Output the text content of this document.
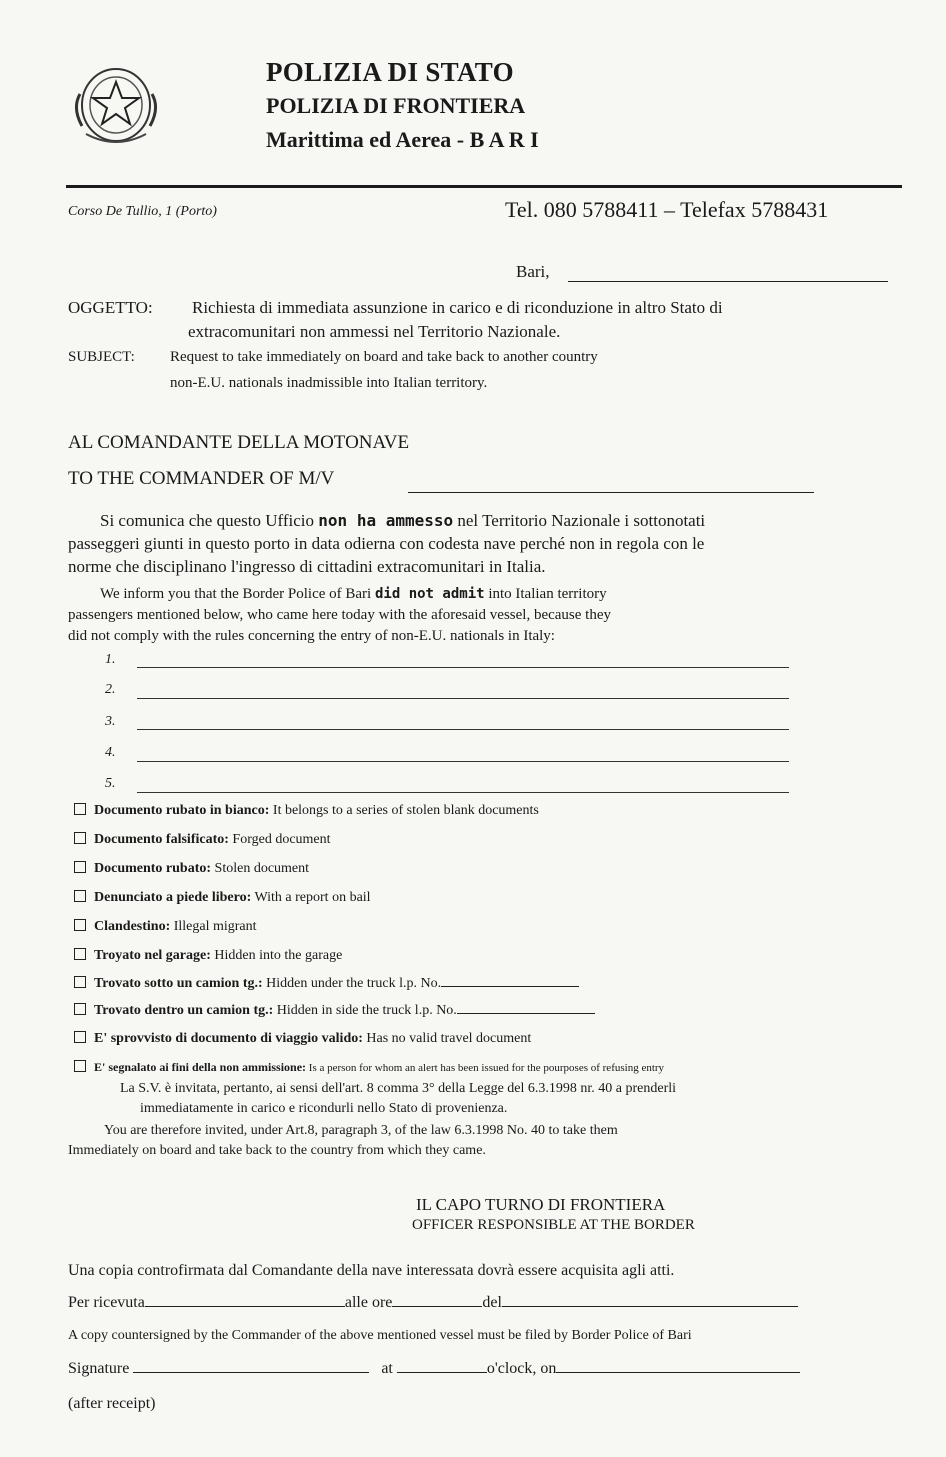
POLIZIA DI STATO
POLIZIA DI FRONTIERA
Marittima ed Aerea - B A R I
Corso De Tullio, 1 (Porto)	Tel. 080 5788411 – Telefax 5788431
Bari,
OGGETTO: Richiesta di immediata assunzione in carico e di riconduzione in altro Stato di
extracomunitari non ammessi nel Territorio Nazionale.
SUBJECT: Request to take immediately on board and take back to another country
non-E.U. nationals inadmissible into Italian territory.
AL COMANDANTE DELLA MOTONAVE
TO THE COMMANDER OF M/V
Si comunica che questo Ufficio non ha ammesso nel Territorio Nazionale i sottonotati
passeggeri giunti in questo porto in data odierna con codesta nave perché non in regola con le
norme che disciplinano l'ingresso di cittadini extracomunitari in Italia.
We inform you that the Border Police of Bari did not admit into Italian territory
passengers mentioned below, who came here today with the aforesaid vessel, because they
did not comply with the rules concerning the entry of non-E.U. nationals in Italy:
1.
2.
3.
4.
5.
Documento rubato in bianco: It belongs to a series of stolen blank documents
Documento falsificato: Forged document
Documento rubato: Stolen document
Denunciato a piede libero: With a report on bail
Clandestino: Illegal migrant
Troyato nel garage: Hidden into the garage
Trovato sotto un camion tg.: Hidden under the truck l.p. No.
Trovato dentro un camion tg.: Hidden in side the truck l.p. No.
E' sprovvisto di documento di viaggio valido: Has no valid travel document
E' segnalato ai fini della non ammissione: Is a person for whom an alert has been issued for the pourposes of refusing entry
La S.V. è invitata, pertanto, ai sensi dell'art. 8 comma 3° della Legge del 6.3.1998 nr. 40 a prenderli
immediatamente in carico e ricondurli nello Stato di provenienza.
You are therefore invited, under Art.8, paragraph 3, of the law 6.3.1998 No. 40 to take them
Immediately on board and take back to the country from which they came.
IL CAPO TURNO DI FRONTIERA
OFFICER RESPONSIBLE AT THE BORDER
Una copia controfirmata dal Comandante della nave interessata dovrà essere acquisita agli atti.
Per ricevuta	alle ore	del
A copy countersigned by the Commander of the above mentioned vessel must be filed by Border Police of Bari
Signature	at	o'clock, on
(after receipt)
